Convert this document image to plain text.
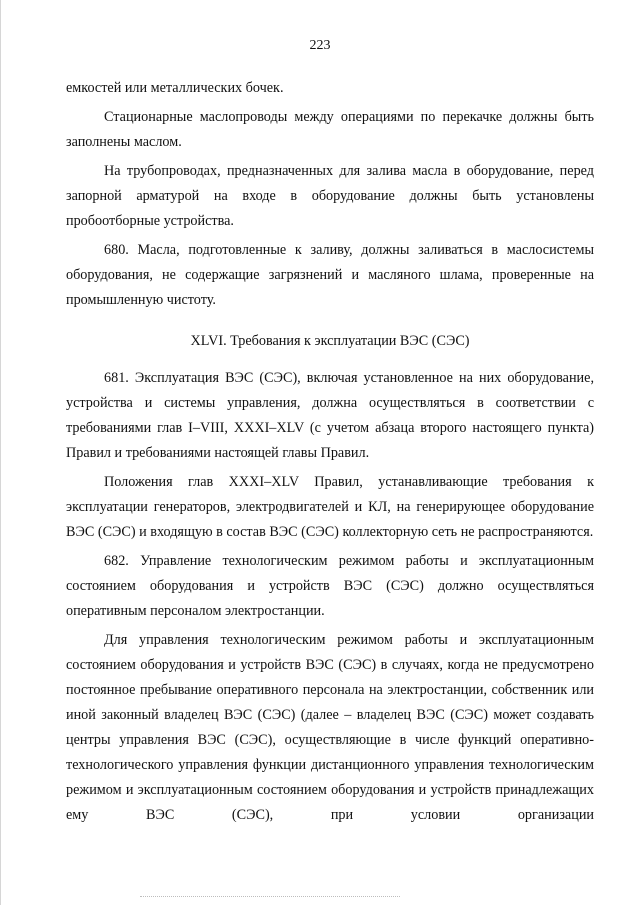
223

емкостей или металлических бочек.

Стационарные маслопроводы между операциями по перекачке должны быть заполнены маслом.

На трубопроводах, предназначенных для залива масла в оборудование, перед запорной арматурой на входе в оборудование должны быть установлены пробоотборные устройства.

680. Масла, подготовленные к заливу, должны заливаться в маслосистемы оборудования, не содержащие загрязнений и масляного шлама, проверенные на промышленную чистоту.

XLVI. Требования к эксплуатации ВЭС (СЭС)

681. Эксплуатация ВЭС (СЭС), включая установленное на них оборудование, устройства и системы управления, должна осуществляться в соответствии с требованиями глав I–VIII, XXXI–XLV (с учетом абзаца второго настоящего пункта) Правил и требованиями настоящей главы Правил.

Положения глав XXXI–XLV Правил, устанавливающие требования к эксплуатации генераторов, электродвигателей и КЛ, на генерирующее оборудование ВЭС (СЭС) и входящую в состав ВЭС (СЭС) коллекторную сеть не распространяются.

682. Управление технологическим режимом работы и эксплуатационным состоянием оборудования и устройств ВЭС (СЭС) должно осуществляться оперативным персоналом электростанции.

Для управления технологическим режимом работы и эксплуатационным состоянием оборудования и устройств ВЭС (СЭС) в случаях, когда не предусмотрено постоянное пребывание оперативного персонала на электростанции, собственник или иной законный владелец ВЭС (СЭС) (далее – владелец ВЭС (СЭС) может создавать центры управления ВЭС (СЭС), осуществляющие в числе функций оперативно-технологического управления функции дистанционного управления технологическим режимом и эксплуатационным состоянием оборудования и устройств принадлежащих ему ВЭС (СЭС), при условии организации
